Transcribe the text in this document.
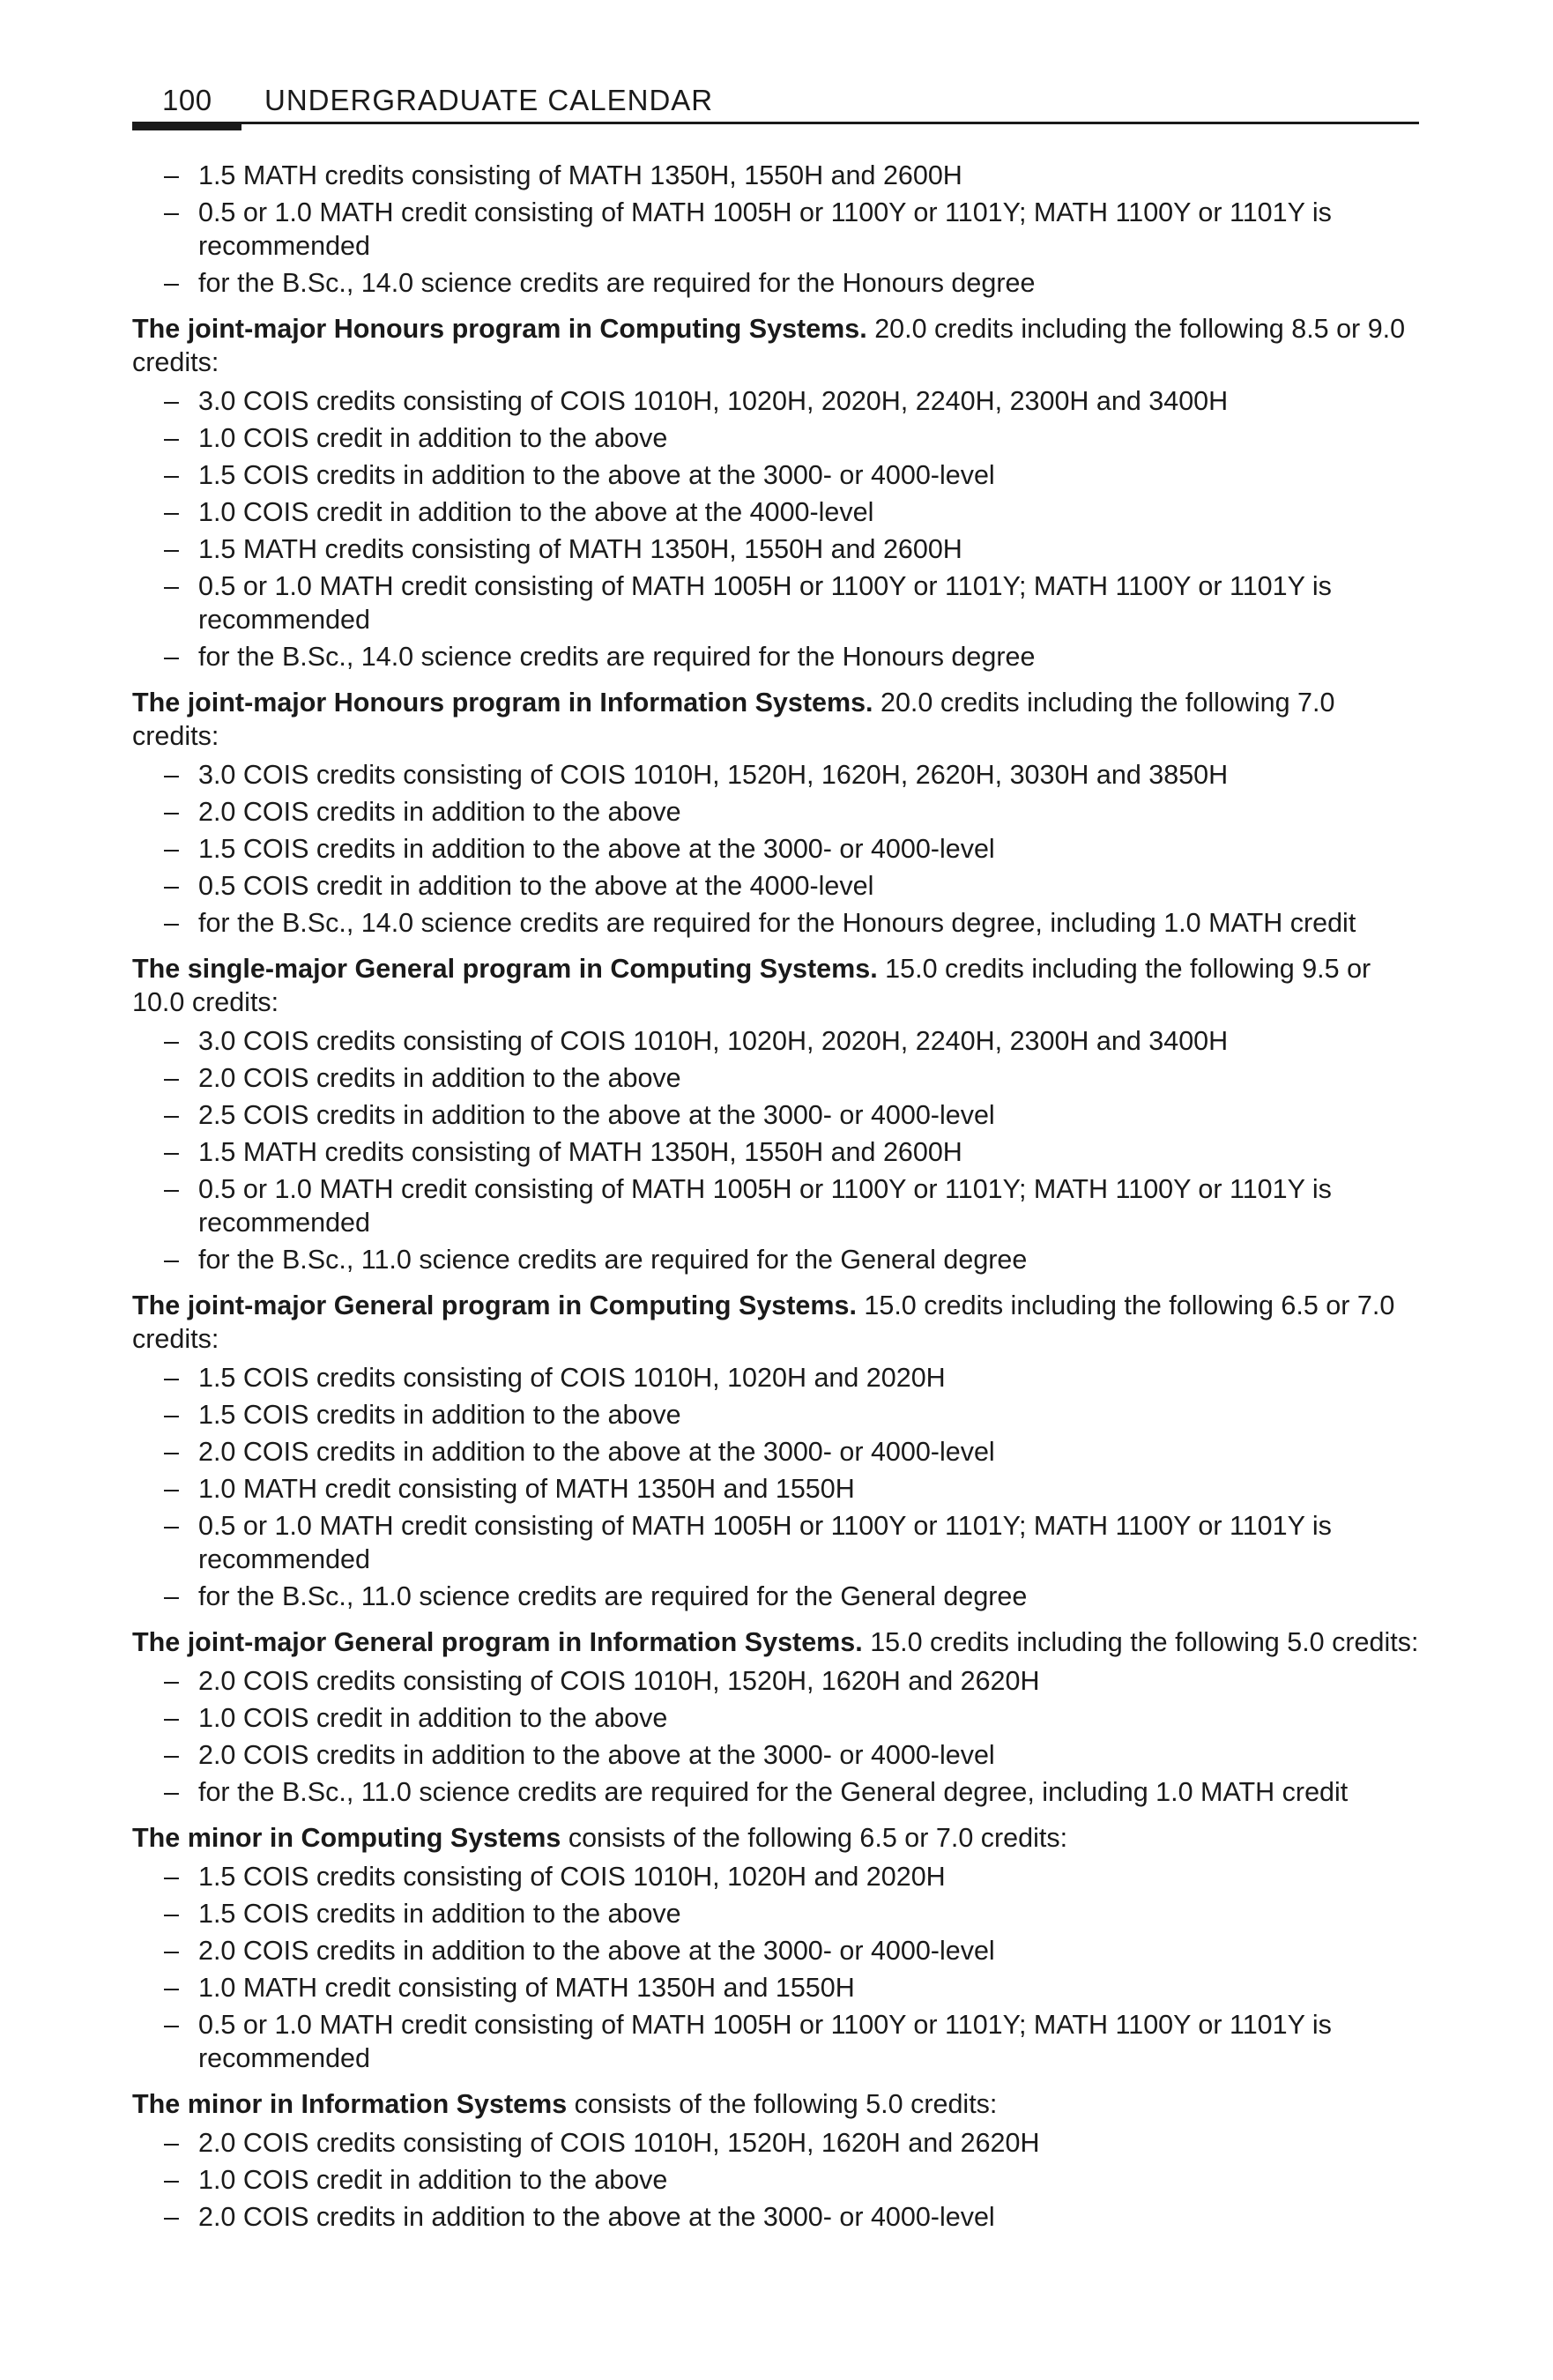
100 UNDERGRADUATE CALENDAR
– 1.5 MATH credits consisting of MATH 1350H, 1550H and 2600H
– 0.5 or 1.0 MATH credit consisting of MATH 1005H or 1100Y or 1101Y; MATH 1100Y or 1101Y is recommended
– for the B.Sc., 14.0 science credits are required for the Honours degree
The joint-major Honours program in Computing Systems. 20.0 credits including the following 8.5 or 9.0 credits:
– 3.0 COIS credits consisting of COIS 1010H, 1020H, 2020H, 2240H, 2300H and 3400H
– 1.0 COIS credit in addition to the above
– 1.5 COIS credits in addition to the above at the 3000- or 4000-level
– 1.0 COIS credit in addition to the above at the 4000-level
– 1.5 MATH credits consisting of MATH 1350H, 1550H and 2600H
– 0.5 or 1.0 MATH credit consisting of MATH 1005H or 1100Y or 1101Y; MATH 1100Y or 1101Y is recommended
– for the B.Sc., 14.0 science credits are required for the Honours degree
The joint-major Honours program in Information Systems. 20.0 credits including the following 7.0 credits:
– 3.0 COIS credits consisting of COIS 1010H, 1520H, 1620H, 2620H, 3030H and 3850H
– 2.0 COIS credits in addition to the above
– 1.5 COIS credits in addition to the above at the 3000- or 4000-level
– 0.5 COIS credit in addition to the above at the 4000-level
– for the B.Sc., 14.0 science credits are required for the Honours degree, including 1.0 MATH credit
The single-major General program in Computing Systems. 15.0 credits including the following 9.5 or 10.0 credits:
– 3.0 COIS credits consisting of COIS 1010H, 1020H, 2020H, 2240H, 2300H and 3400H
– 2.0 COIS credits in addition to the above
– 2.5 COIS credits in addition to the above at the 3000- or 4000-level
– 1.5 MATH credits consisting of MATH 1350H, 1550H and 2600H
– 0.5 or 1.0 MATH credit consisting of MATH 1005H or 1100Y or 1101Y; MATH 1100Y or 1101Y is recommended
– for the B.Sc., 11.0 science credits are required for the General degree
The joint-major General program in Computing Systems. 15.0 credits including the following 6.5 or 7.0 credits:
– 1.5 COIS credits consisting of COIS 1010H, 1020H and 2020H
– 1.5 COIS credits in addition to the above
– 2.0 COIS credits in addition to the above at the 3000- or 4000-level
– 1.0 MATH credit consisting of MATH 1350H and 1550H
– 0.5 or 1.0 MATH credit consisting of MATH 1005H or 1100Y or 1101Y; MATH 1100Y or 1101Y is recommended
– for the B.Sc., 11.0 science credits are required for the General degree
The joint-major General program in Information Systems. 15.0 credits including the following 5.0 credits:
– 2.0 COIS credits consisting of COIS 1010H, 1520H, 1620H and 2620H
– 1.0 COIS credit in addition to the above
– 2.0 COIS credits in addition to the above at the 3000- or 4000-level
– for the B.Sc., 11.0 science credits are required for the General degree, including 1.0 MATH credit
The minor in Computing Systems consists of the following 6.5 or 7.0 credits:
– 1.5 COIS credits consisting of COIS 1010H, 1020H and 2020H
– 1.5 COIS credits in addition to the above
– 2.0 COIS credits in addition to the above at the 3000- or 4000-level
– 1.0 MATH credit consisting of MATH 1350H and 1550H
– 0.5 or 1.0 MATH credit consisting of MATH 1005H or 1100Y or 1101Y; MATH 1100Y or 1101Y is recommended
The minor in Information Systems consists of the following 5.0 credits:
– 2.0 COIS credits consisting of COIS 1010H, 1520H, 1620H and 2620H
– 1.0 COIS credit in addition to the above
– 2.0 COIS credits in addition to the above at the 3000- or 4000-level
